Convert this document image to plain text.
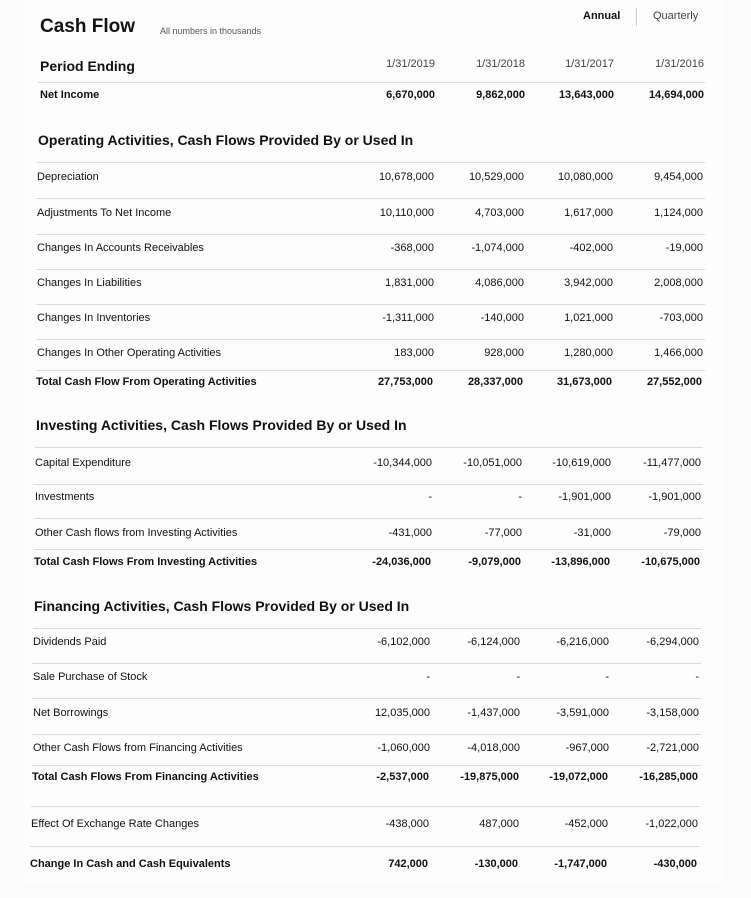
Cash Flow	All numbers in thousands
Annual	Quarterly
Period Ending	1/31/2019	1/31/2018	1/31/2017	1/31/2016
Net Income	6,670,000	9,862,000	13,643,000	14,694,000
Operating Activities, Cash Flows Provided By or Used In
Depreciation	10,678,000	10,529,000	10,080,000	9,454,000
Adjustments To Net Income	10,110,000	4,703,000	1,617,000	1,124,000
Changes In Accounts Receivables	-368,000	-1,074,000	-402,000	-19,000
Changes In Liabilities	1,831,000	4,086,000	3,942,000	2,008,000
Changes In Inventories	-1,311,000	-140,000	1,021,000	-703,000
Changes In Other Operating Activities	183,000	928,000	1,280,000	1,466,000
Total Cash Flow From Operating Activities	27,753,000	28,337,000	31,673,000	27,552,000
Investing Activities, Cash Flows Provided By or Used In
Capital Expenditure	-10,344,000	-10,051,000	-10,619,000	-11,477,000
Investments	-	-	-1,901,000	-1,901,000
Other Cash flows from Investing Activities	-431,000	-77,000	-31,000	-79,000
Total Cash Flows From Investing Activities	-24,036,000	-9,079,000	-13,896,000	-10,675,000
Financing Activities, Cash Flows Provided By or Used In
Dividends Paid	-6,102,000	-6,124,000	-6,216,000	-6,294,000
Sale Purchase of Stock	-	-	-	-
Net Borrowings	12,035,000	-1,437,000	-3,591,000	-3,158,000
Other Cash Flows from Financing Activities	-1,060,000	-4,018,000	-967,000	-2,721,000
Total Cash Flows From Financing Activities	-2,537,000	-19,875,000	-19,072,000	-16,285,000
Effect Of Exchange Rate Changes	-438,000	487,000	-452,000	-1,022,000
Change In Cash and Cash Equivalents	742,000	-130,000	-1,747,000	-430,000
